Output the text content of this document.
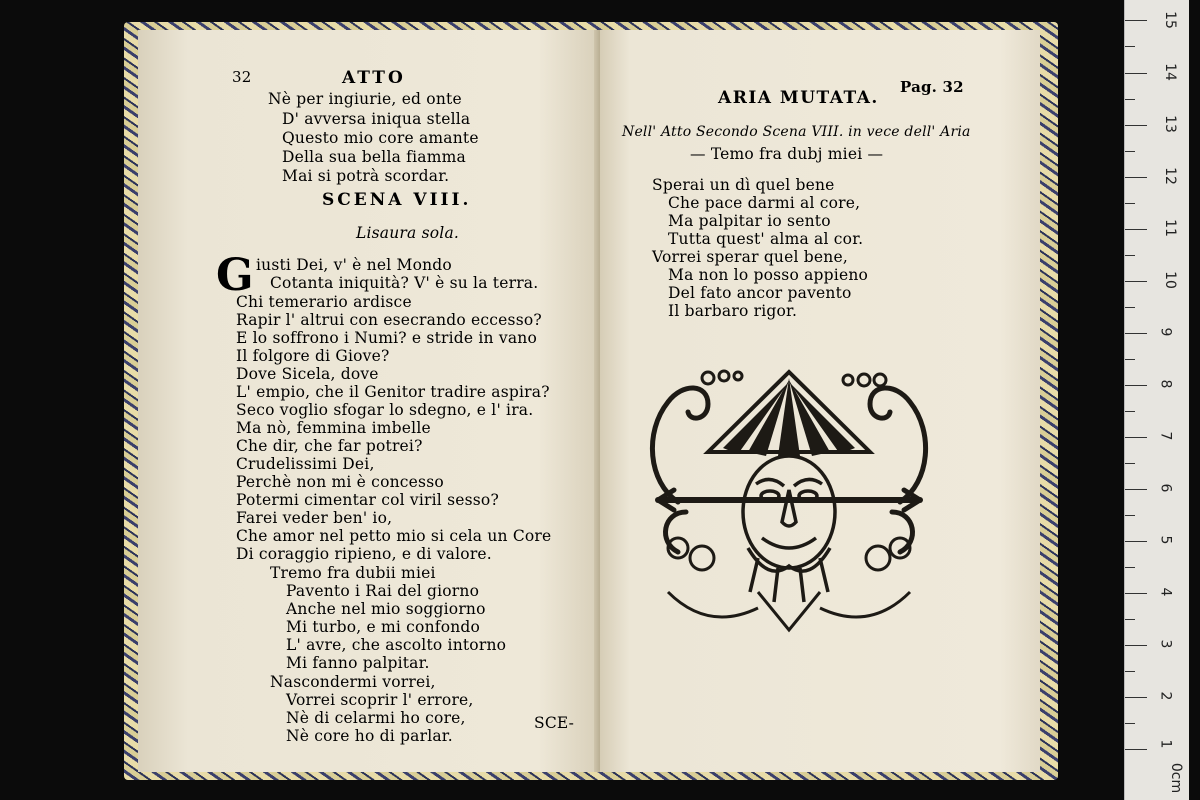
32	ATTO
Nè per ingiurie, ed onte
D' avversa iniqua stella
Questo mio core amante
Della sua bella fiamma
Mai si potrà scordar.
SCENA VIII.
Lisaura sola.
G iusti Dei, v' è nel Mondo
Cotanta iniquità? V' è su la terra.
Chi temerario ardisce
Rapir l' altrui con esecrando eccesso?
E lo soffrono i Numi? e stride in vano
Il folgore di Giove?
Dove Sicela, dove
L' empio, che il Genitor tradire aspira?
Seco voglio sfogar lo sdegno, e l' ira.
Ma nò, femmina imbelle
Che dir, che far potrei?
Crudelissimi Dei,
Perchè non mi è concesso
Potermi cimentar col viril sesso?
Farei veder ben' io,
Che amor nel petto mio si cela un Core
Di coraggio ripieno, e di valore.
Tremo fra dubii miei
Pavento i Rai del giorno
Anche nel mio soggiorno
Mi turbo, e mi confondo
L' avre, che ascolto intorno
Mi fanno palpitar.
Nascondermi vorrei,
Vorrei scoprir l' errore,
Nè di celarmi ho core,
Nè core ho di parlar.
SCE-
ARIA MUTATA.
Pag. 32
Nell' Atto Secondo Scena VIII. in vece dell' Aria
— Temo fra dubj miei —
Sperai un dì quel bene
Che pace darmi al core,
Ma palpitar io sento
Tutta quest' alma al cor.
Vorrei sperar quel bene,
Ma non lo posso appieno
Del fato ancor pavento
Il barbaro rigor.
15
14
13
12
11
10
9
8
7
6
5
4
3
2
1
0cm
